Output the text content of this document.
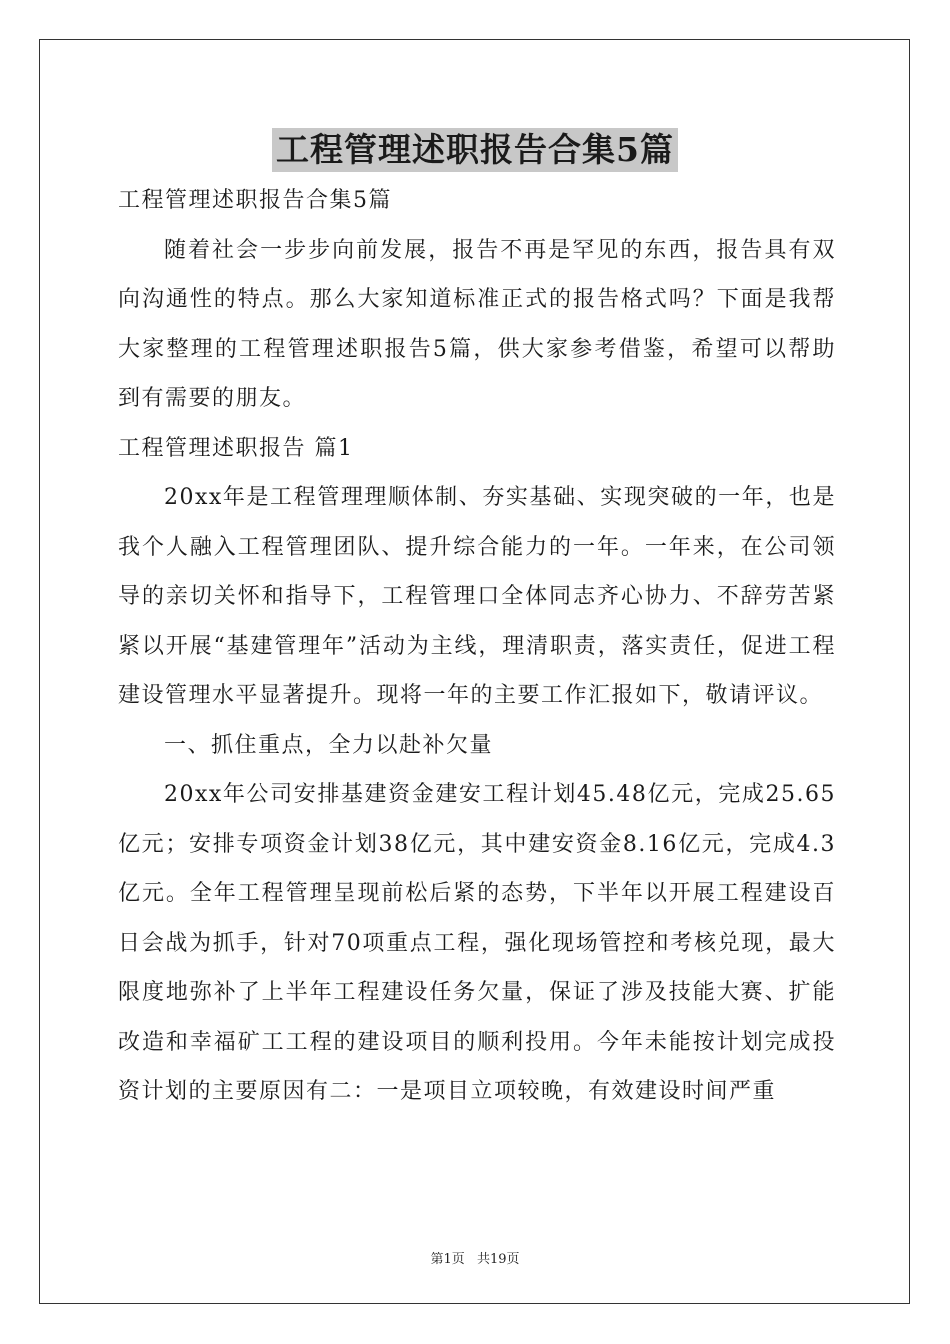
工程管理述职报告合集5篇

工程管理述职报告合集5篇

随着社会一步步向前发展，报告不再是罕见的东西，报告具有双向沟通性的特点。那么大家知道标准正式的报告格式吗？下面是我帮大家整理的工程管理述职报告5篇，供大家参考借鉴，希望可以帮助到有需要的朋友。

工程管理述职报告 篇1

20xx年是工程管理理顺体制、夯实基础、实现突破的一年，也是我个人融入工程管理团队、提升综合能力的一年。一年来，在公司领导的亲切关怀和指导下，工程管理口全体同志齐心协力、不辞劳苦紧紧以开展“基建管理年”活动为主线，理清职责，落实责任，促进工程建设管理水平显著提升。现将一年的主要工作汇报如下，敬请评议。

一、抓住重点，全力以赴补欠量

20xx年公司安排基建资金建安工程计划45.48亿元，完成25.65亿元；安排专项资金计划38亿元，其中建安资金8.16亿元，完成4.3亿元。全年工程管理呈现前松后紧的态势，下半年以开展工程建设百日会战为抓手，针对70项重点工程，强化现场管控和考核兑现，最大限度地弥补了上半年工程建设任务欠量，保证了涉及技能大赛、扩能改造和幸福矿工工程的建设项目的顺利投用。今年未能按计划完成投资计划的主要原因有二：一是项目立项较晚，有效建设时间严重

第1页 共19页
